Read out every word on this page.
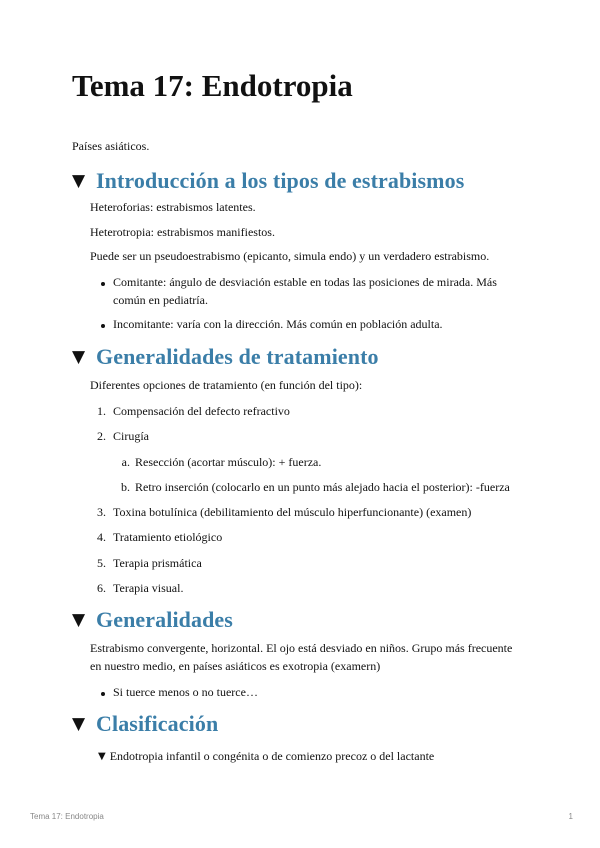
Tema 17: Endotropia
Países asiáticos.
▼ Introducción a los tipos de estrabismos
Heteroforias: estrabismos latentes.
Heterotropia: estrabismos manifiestos.
Puede ser un pseudoestrabismo (epicanto, simula endo) y un verdadero estrabismo.
Comitante: ángulo de desviación estable en todas las posiciones de mirada. Más
común en pediatría.
Incomitante: varía con la dirección. Más común en población adulta.
▼ Generalidades de tratamiento
Diferentes opciones de tratamiento (en función del tipo):
1. Compensación del defecto refractivo
2. Cirugía
a. Resección (acortar músculo): + fuerza.
b. Retro inserción (colocarlo en un punto más alejado hacia el posterior): -fuerza
3. Toxina botulínica (debilitamiento del músculo hiperfuncionante) (examen)
4. Tratamiento etiológico
5. Terapia prismática
6. Terapia visual.
▼ Generalidades
Estrabismo convergente, horizontal. El ojo está desviado en niños. Grupo más frecuente
en nuestro medio, en países asiáticos es exotropia (examern)
Si tuerce menos o no tuerce…
▼ Clasificación
▼ Endotropia infantil o congénita o de comienzo precoz o del lactante
Tema 17: Endotropia	1
